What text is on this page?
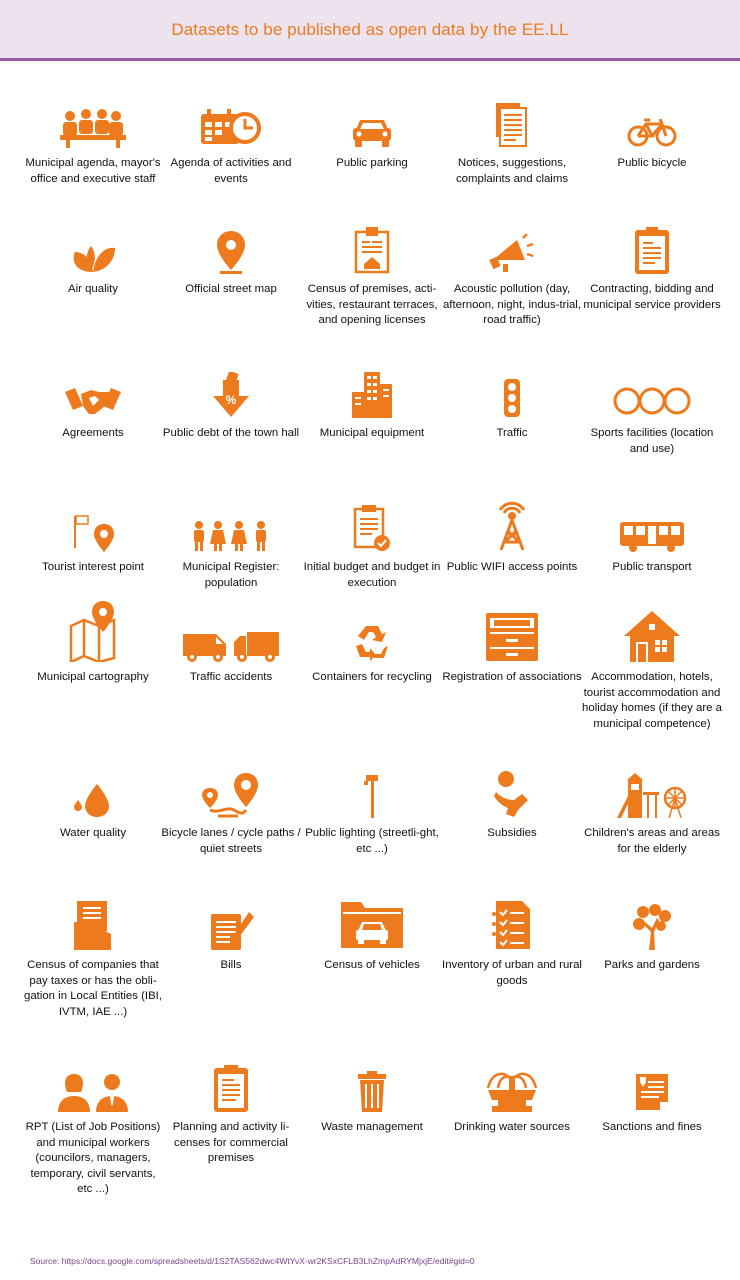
Datasets to be published as open data by the EE.LL
Municipal agenda, mayor's office and executive staff
Agenda of activities and events
Public parking	Notices, suggestions, complaints and claims
Public bicycle
Air quality	Official street map	Census of premises, acti-vities, restaurant terraces, and opening licenses
Acoustic pollution (day, afternoon, night, indus-trial, road traffic)
Contracting, bidding and municipal service providers
Agreements
%
Public debt of the town hall	Municipal equipment	Traffic	Sports facilities (location and use)
Tourist interest point	Municipal Register: population
Initial budget and budget in execution
Public WIFI access points	Public transport
Municipal cartography	Traffic accidents	Containers for recycling Registration of associations Accommodation, hotels, tourist accommodation and holiday homes (if they are a municipal competence)
Water quality	Bicycle lanes / cycle paths / quiet streets
Public lighting (streetli-ght, etc ...)
Subsidies	Children's areas and areas for the elderly
Census of companies that pay taxes or has the obli-gation in Local Entities (IBI, IVTM, IAE ...)
Bills	Census of vehicles	Inventory of urban and rural goods
Parks and gardens
RPT (List of Job Positions) and municipal workers (councilors, managers, temporary, civil servants, etc ...)
Planning and activity li-censes for commercial premises
Waste management	Drinking water sources	Sanctions and fines
Source: https://docs.google.com/spreadsheets/d/1S2TAS562dwc4WtYvX-wr2KSxCFLB3LhZmpAdRYMjxjE/edit#gid=0
